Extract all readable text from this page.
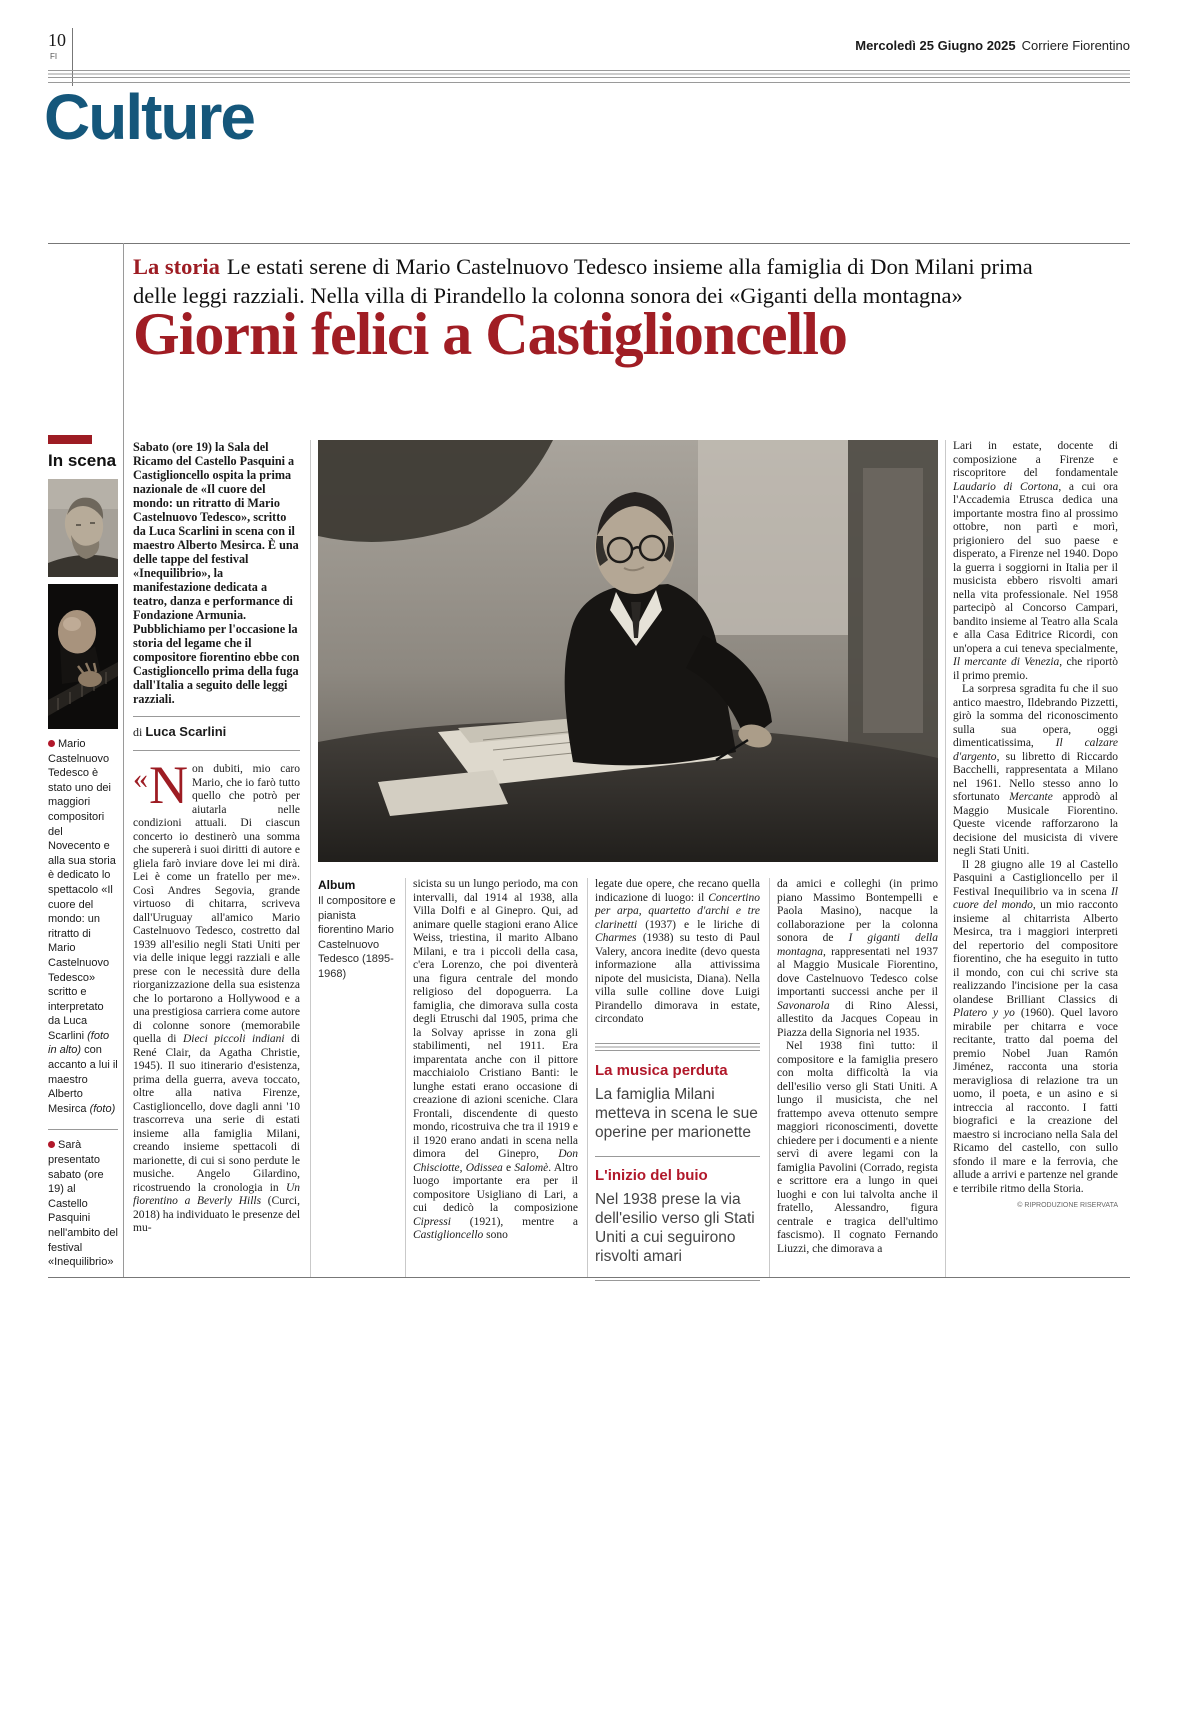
10
FI
Mercoledì 25 Giugno 2025 Corriere Fiorentino
Culture
La storia Le estati serene di Mario Castelnuovo Tedesco insieme alla famiglia di Don Milani prima delle leggi razziali. Nella villa di Pirandello la colonna sonora dei «Giganti della montagna»
Giorni felici a Castiglioncello
In scena
Mario Castelnuovo Tedesco è stato uno dei maggiori compositori del Novecento e alla sua storia è dedicato lo spettacolo «Il cuore del mondo: un ritratto di Mario Castelnuovo Tedesco» scritto e interpretato da Luca Scarlini (foto in alto) con accanto a lui il maestro Alberto Mesirca (foto)
Sarà presentato sabato (ore 19) al Castello Pasquini nell'ambito del festival «Inequilibrio»
Sabato (ore 19) la Sala del Ricamo del Castello Pasquini a Castiglioncello ospita la prima nazionale de «Il cuore del mondo: un ritratto di Mario Castelnuovo Tedesco», scritto da Luca Scarlini in scena con il maestro Alberto Mesirca. È una delle tappe del festival «Inequilibrio», la manifestazione dedicata a teatro, danza e performance di Fondazione Armunia. Pubblichiamo per l'occasione la storia del legame che il compositore fiorentino ebbe con Castiglioncello prima della fuga dall'Italia a seguito delle leggi razziali.
di Luca Scarlini
« N on dubiti, mio caro Mario, che io farò tutto quello che potrò per aiutarla nelle condizioni attuali. Di ciascun concerto io destinerò una somma che supererà i suoi diritti di autore e gliela farò inviare dove lei mi dirà. Lei è come un fratello per me». Così Andres Segovia, grande virtuoso di chitarra, scriveva dall'Uruguay all'amico Mario Castelnuovo Tedesco, costretto dal 1939 all'esilio negli Stati Uniti per via delle inique leggi razziali e alle prese con le necessità dure della riorganizzazione della sua esistenza che lo portarono a Hollywood e a una prestigiosa carriera come autore di colonne sonore (memorabile quella di Dieci piccoli indiani di René Clair, da Agatha Christie, 1945). Il suo itinerario d'esistenza, prima della guerra, aveva toccato, oltre alla nativa Firenze, Castiglioncello, dove dagli anni '10 trascorreva una serie di estati insieme alla famiglia Milani, creando insieme spettacoli di marionette, di cui si sono perdute le musiche. Angelo Gilardino, ricostruendo la cronologia in Un fiorentino a Beverly Hills (Curci, 2018) ha individuato le presenze del mu-
Album
Il compositore e pianista fiorentino Mario Castelnuovo Tedesco (1895-1968)
sicista su un lungo periodo, ma con intervalli, dal 1914 al 1938, alla Villa Dolfi e al Ginepro. Qui, ad animare quelle stagioni erano Alice Weiss, triestina, il marito Albano Milani, e tra i piccoli della casa, c'era Lorenzo, che poi diventerà una figura centrale del mondo religioso del dopoguerra. La famiglia, che dimorava sulla costa degli Etruschi dal 1905, prima che la Solvay aprisse in zona gli stabilimenti, nel 1911. Era imparentata anche con il pittore macchiaiolo Cristiano Banti: le lunghe estati erano occasione di creazione di azioni sceniche. Clara Frontali, discendente di questo mondo, ricostruiva che tra il 1919 e il 1920 erano andati in scena nella dimora del Ginepro, Don Chisciotte, Odissea e Salomè. Altro luogo importante era per il compositore Usigliano di Lari, a cui dedicò la composizione Cipressi (1921), mentre a Castiglioncello sono
legate due opere, che recano quella indicazione di luogo: il Concertino per arpa, quartetto d'archi e tre clarinetti (1937) e le liriche di Charmes (1938) su testo di Paul Valery, ancora inedite (devo questa informazione alla attivissima nipote del musicista, Diana). Nella villa sulle colline dove Luigi Pirandello dimorava in estate, circondato
La musica perduta
La famiglia Milani metteva in scena le sue operine per marionette
L'inizio del buio
Nel 1938 prese la via dell'esilio verso gli Stati Uniti a cui seguirono risvolti amari

da amici e colleghi (in primo piano Massimo Bontempelli e Paola Masino), nacque la collaborazione per la colonna sonora de I giganti della montagna, rappresentati nel 1937 al Maggio Musicale Fiorentino, dove Castelnuovo Tedesco colse importanti successi anche per il Savonarola di Rino Alessi, allestito da Jacques Copeau in Piazza della Signoria nel 1935.

Nel 1938 finì tutto: il compositore e la famiglia presero con molta difficoltà la via dell'esilio verso gli Stati Uniti. A lungo il musicista, che nel frattempo aveva ottenuto sempre maggiori riconoscimenti, dovette chiedere per i documenti e a niente servì di avere legami con la famiglia Pavolini (Corrado, regista e scrittore era a lungo in quei luoghi e con lui talvolta anche il fratello, Alessandro, figura centrale e tragica dell'ultimo fascismo). Il cognato Fernando Liuzzi, che dimorava a

Lari in estate, docente di composizione a Firenze e riscopritore del fondamentale Laudario di Cortona, a cui ora l'Accademia Etrusca dedica una importante mostra fino al prossimo ottobre, non partì e morì, prigioniero del suo paese e disperato, a Firenze nel 1940. Dopo la guerra i soggiorni in Italia per il musicista ebbero risvolti amari nella vita professionale. Nel 1958 partecipò al Concorso Campari, bandito insieme al Teatro alla Scala e alla Casa Editrice Ricordi, con un'opera a cui teneva specialmente, Il mercante di Venezia, che riportò il primo premio.

La sorpresa sgradita fu che il suo antico maestro, Ildebrando Pizzetti, girò la somma del riconoscimento sulla sua opera, oggi dimenticatissima, Il calzare d'argento, su libretto di Riccardo Bacchelli, rappresentata a Milano nel 1961. Nello stesso anno lo sfortunato Mercante approdò al Maggio Musicale Fiorentino. Queste vicende rafforzarono la decisione del musicista di vivere negli Stati Uniti.

Il 28 giugno alle 19 al Castello Pasquini a Castiglioncello per il Festival Inequilibrio va in scena Il cuore del mondo, un mio racconto insieme al chitarrista Alberto Mesirca, tra i maggiori interpreti del repertorio del compositore fiorentino, che ha eseguito in tutto il mondo, con cui chi scrive sta realizzando l'incisione per la casa olandese Brilliant Classics di Platero y yo (1960). Quel lavoro mirabile per chitarra e voce recitante, tratto dal poema del premio Nobel Juan Ramón Jiménez, racconta una storia meravigliosa di relazione tra un uomo, il poeta, e un asino e si intreccia al racconto. I fatti biografici e la creazione del maestro si incrociano nella Sala del Ricamo del castello, con sullo sfondo il mare e la ferrovia, che allude a arrivi e partenze nel grande e terribile ritmo della Storia.

© RIPRODUZIONE RISERVATA
